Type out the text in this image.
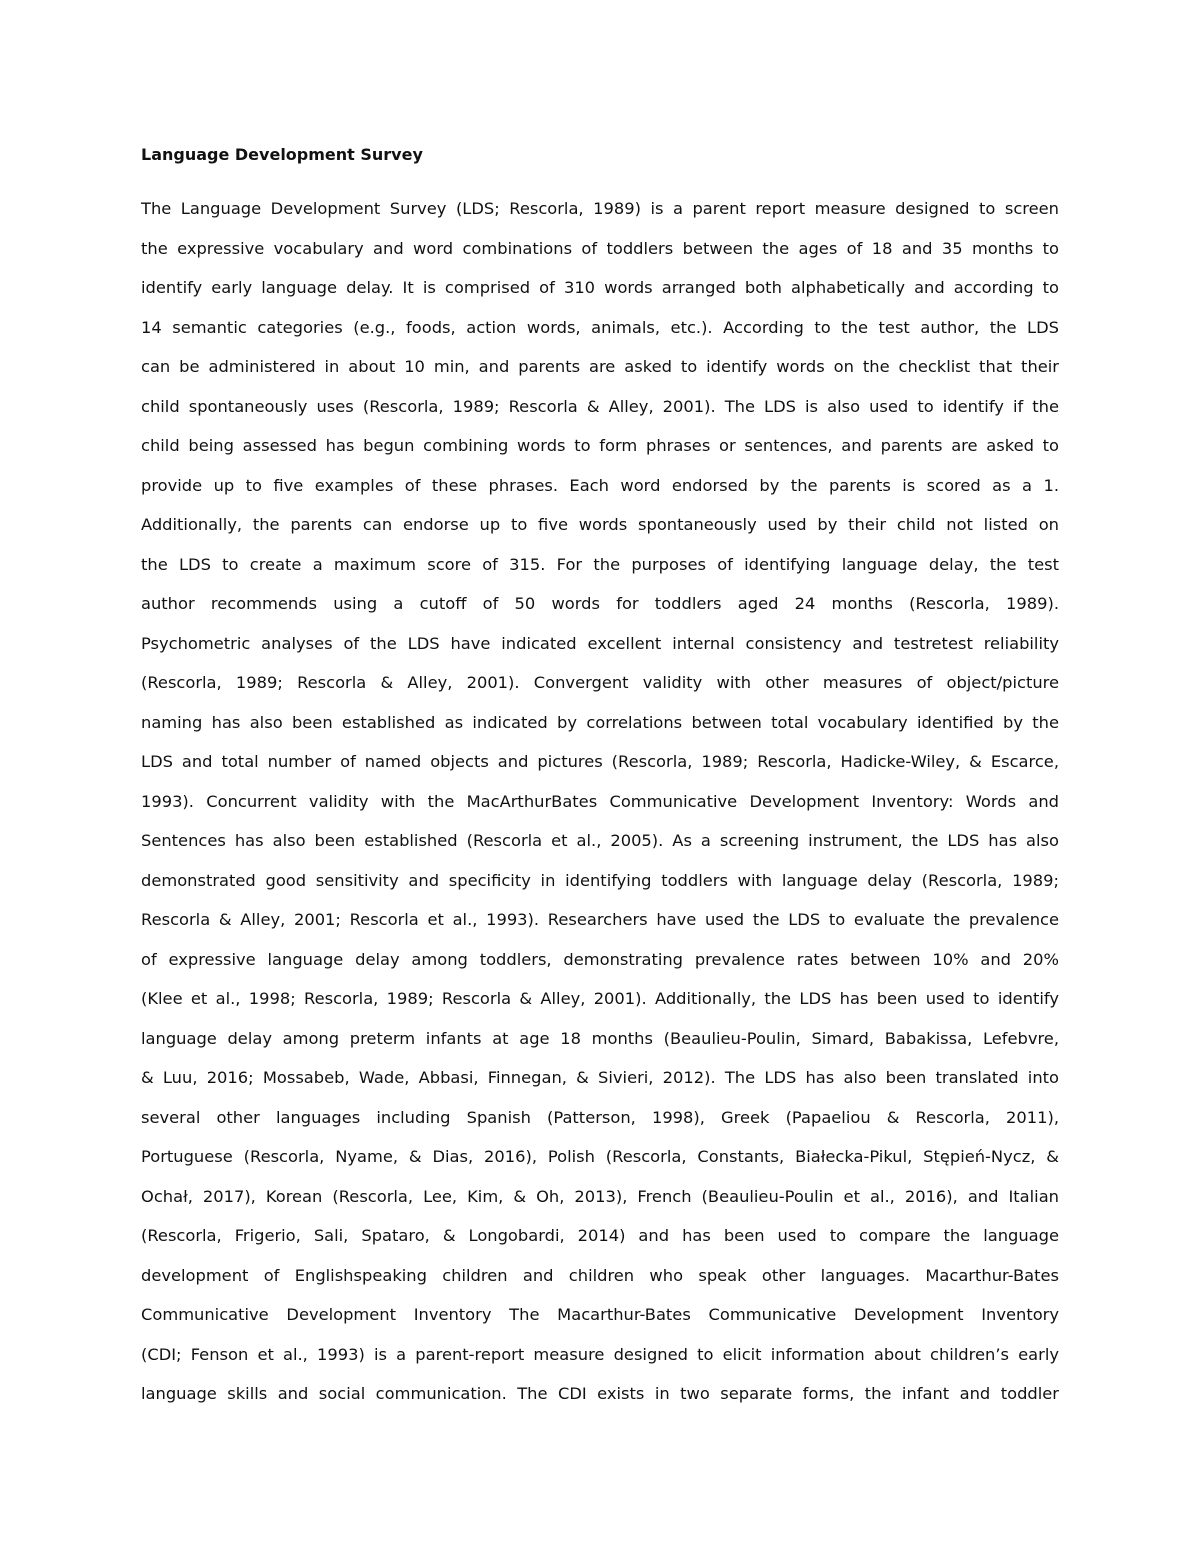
Language Development Survey
The Language Development Survey (LDS; Rescorla, 1989) is a parent report measure designed to screen
the expressive vocabulary and word combinations of toddlers between the ages of 18 and 35 months to
identify early language delay. It is comprised of 310 words arranged both alphabetically and according to
14 semantic categories (e.g., foods, action words, animals, etc.). According to the test author, the LDS
can be administered in about 10 min, and parents are asked to identify words on the checklist that their
child spontaneously uses (Rescorla, 1989; Rescorla & Alley, 2001). The LDS is also used to identify if the
child being assessed has begun combining words to form phrases or sentences, and parents are asked to
provide up to five examples of these phrases. Each word endorsed by the parents is scored as a 1.
Additionally, the parents can endorse up to five words spontaneously used by their child not listed on
the LDS to create a maximum score of 315. For the purposes of identifying language delay, the test
author recommends using a cutoff of 50 words for toddlers aged 24 months (Rescorla, 1989).
Psychometric analyses of the LDS have indicated excellent internal consistency and testretest reliability
(Rescorla, 1989; Rescorla & Alley, 2001). Convergent validity with other measures of object/picture
naming has also been established as indicated by correlations between total vocabulary identified by the
LDS and total number of named objects and pictures (Rescorla, 1989; Rescorla, Hadicke-Wiley, & Escarce,
1993). Concurrent validity with the MacArthurBates Communicative Development Inventory: Words and
Sentences has also been established (Rescorla et al., 2005). As a screening instrument, the LDS has also
demonstrated good sensitivity and specificity in identifying toddlers with language delay (Rescorla, 1989;
Rescorla & Alley, 2001; Rescorla et al., 1993). Researchers have used the LDS to evaluate the prevalence
of expressive language delay among toddlers, demonstrating prevalence rates between 10% and 20%
(Klee et al., 1998; Rescorla, 1989; Rescorla & Alley, 2001). Additionally, the LDS has been used to identify
language delay among preterm infants at age 18 months (Beaulieu-Poulin, Simard, Babakissa, Lefebvre,
& Luu, 2016; Mossabeb, Wade, Abbasi, Finnegan, & Sivieri, 2012). The LDS has also been translated into
several other languages including Spanish (Patterson, 1998), Greek (Papaeliou & Rescorla, 2011),
Portuguese (Rescorla, Nyame, & Dias, 2016), Polish (Rescorla, Constants, Białecka-Pikul, Stępień-Nycz, &
Ochał, 2017), Korean (Rescorla, Lee, Kim, & Oh, 2013), French (Beaulieu-Poulin et al., 2016), and Italian
(Rescorla, Frigerio, Sali, Spataro, & Longobardi, 2014) and has been used to compare the language
development of Englishspeaking children and children who speak other languages. Macarthur-Bates
Communicative Development Inventory The Macarthur-Bates Communicative Development Inventory
(CDI; Fenson et al., 1993) is a parent-report measure designed to elicit information about children’s early
language skills and social communication. The CDI exists in two separate forms, the infant and toddler
